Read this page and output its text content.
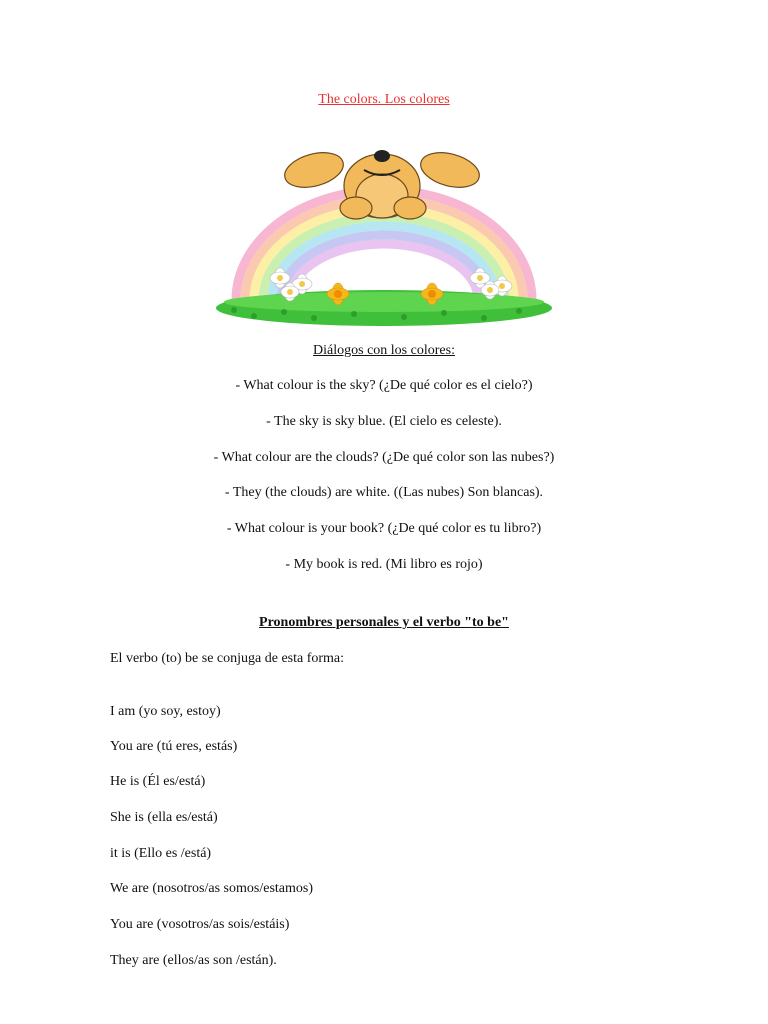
The colors. Los colores
Diálogos con los colores:
- What colour is the sky? (¿De qué color es el cielo?)
- The sky is sky blue. (El cielo es celeste).
- What colour are the clouds? (¿De qué color son las nubes?)
- They (the clouds) are white. ((Las nubes) Son blancas).
- What colour is your book? (¿De qué color es tu libro?)
- My book is red. (Mi libro es rojo)
Pronombres personales y el verbo "to be"
El verbo (to) be se conjuga de esta forma:
I am (yo soy, estoy)
You are (tú eres, estás)
He is (Él es/está)
She is (ella es/está)
it is (Ello es /está)
We are (nosotros/as somos/estamos)
You are (vosotros/as sois/estáis)
They are (ellos/as son /están).
